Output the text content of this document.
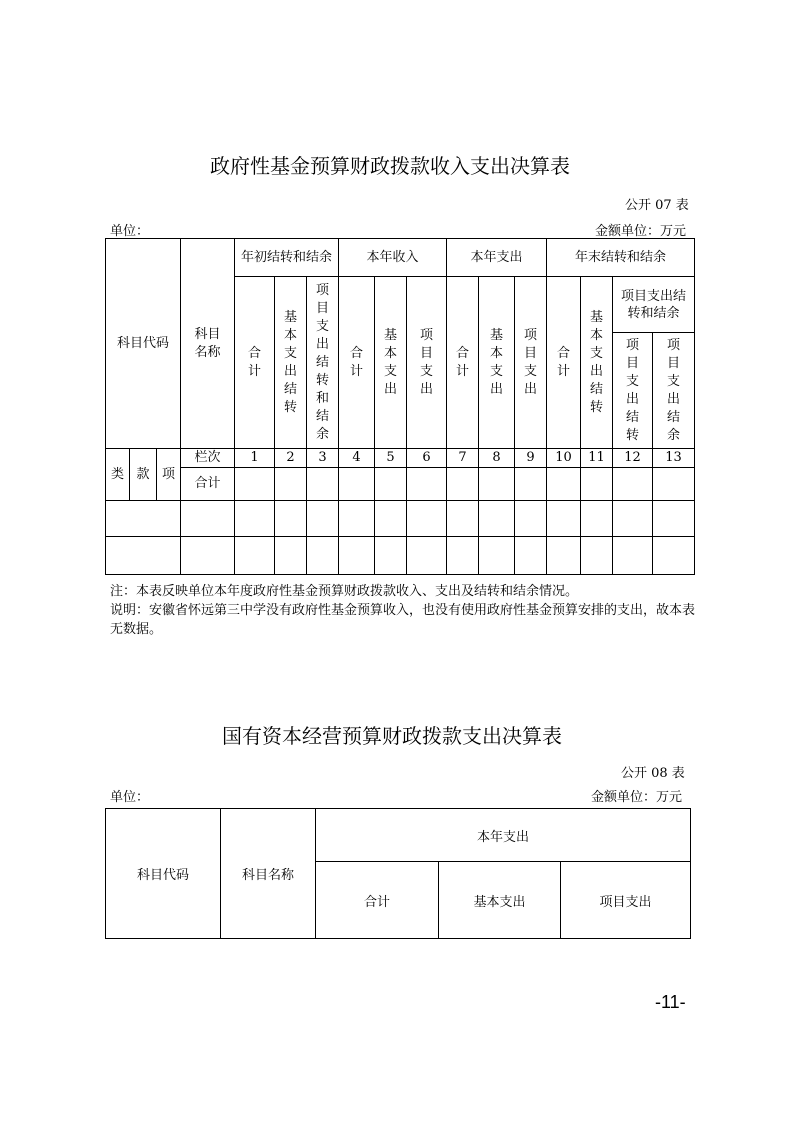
政府性基金预算财政拨款收入支出决算表
公开 07 表
单位：	金额单位：万元
科目代码			科目名称	年初结转和结余			本年收入			本年支出			年末结转和结余			
				合计	基本支出结转	项目支出结转和结余	合计	基本支出	项目支出	合计	基本支出	项目支出	合计	基本支出结转	项目支出结转和结余	
															项目支出结转	项目支出结余

类	款	项	栏次	1	2	3	4	5	6	7	8	9	10	11	12	13
			合计													

注：本表反映单位本年度政府性基金预算财政拨款收入、支出及结转和结余情况。
说明：安徽省怀远第三中学没有政府性基金预算收入，也没有使用政府性基金预算安排的支出，故本表无数据。
国有资本经营预算财政拨款支出决算表
公开 08 表
单位：	金额单位：万元
科目代码	科目名称	本年支出		
		合计	基本支出	项目支出
-11-
